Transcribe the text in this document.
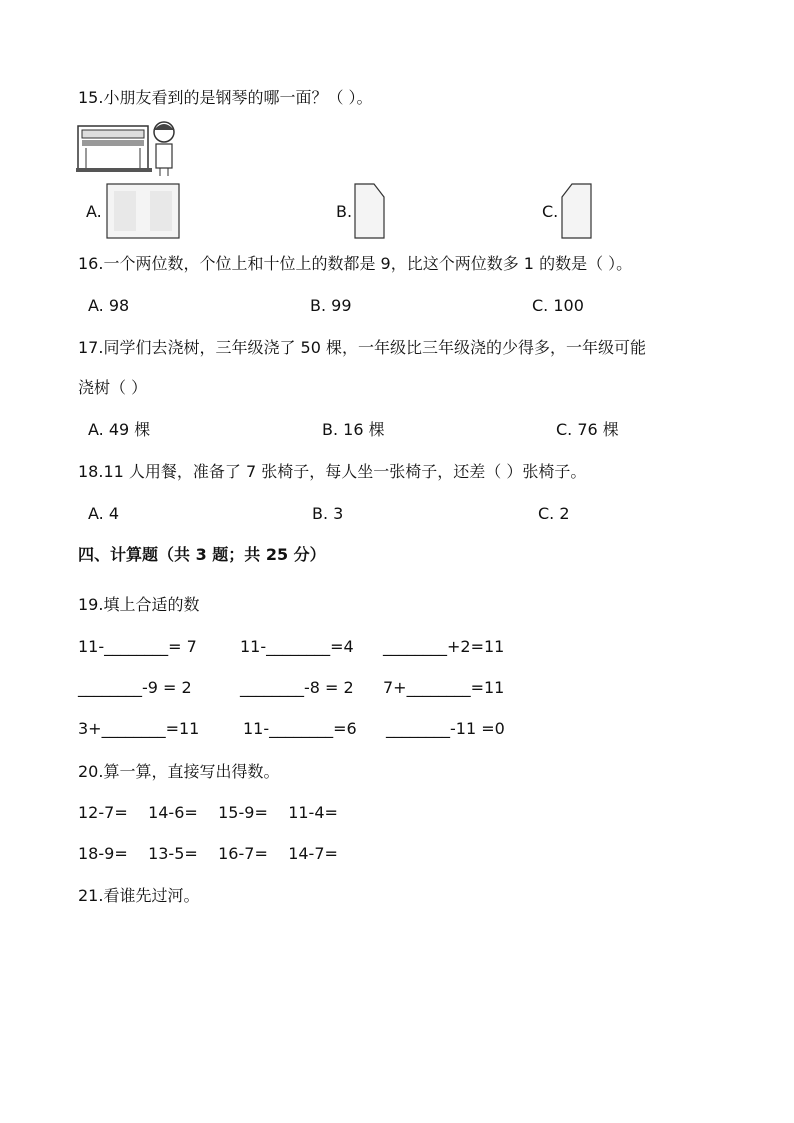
15.小朋友看到的是钢琴的哪一面？（ ）。
A.	B.	C.
16.一个两位数，个位上和十位上的数都是 9，比这个两位数多 1 的数是（ ）。
A. 98	B. 99	C. 100
17.同学们去浇树，三年级浇了 50 棵，一年级比三年级浇的少得多，一年级可能
浇树（ ）
A. 49 棵	B. 16 棵	C. 76 棵
18.11 人用餐，准备了 7 张椅子，每人坐一张椅子，还差（ ）张椅子。
A. 4	B. 3	C. 2
四、计算题（共 3 题；共 25 分）
19.填上合适的数
11-________= 7	11-________=4 ________+2=11
________-9 = 2	________-8 = 2 7+________=11
3+________=11	11-________=6 ________-11 =0
20.算一算，直接写出得数。
12-7=    14-6=    15-9=    11-4=
18-9=    13-5=    16-7=    14-7=
21.看谁先过河。
